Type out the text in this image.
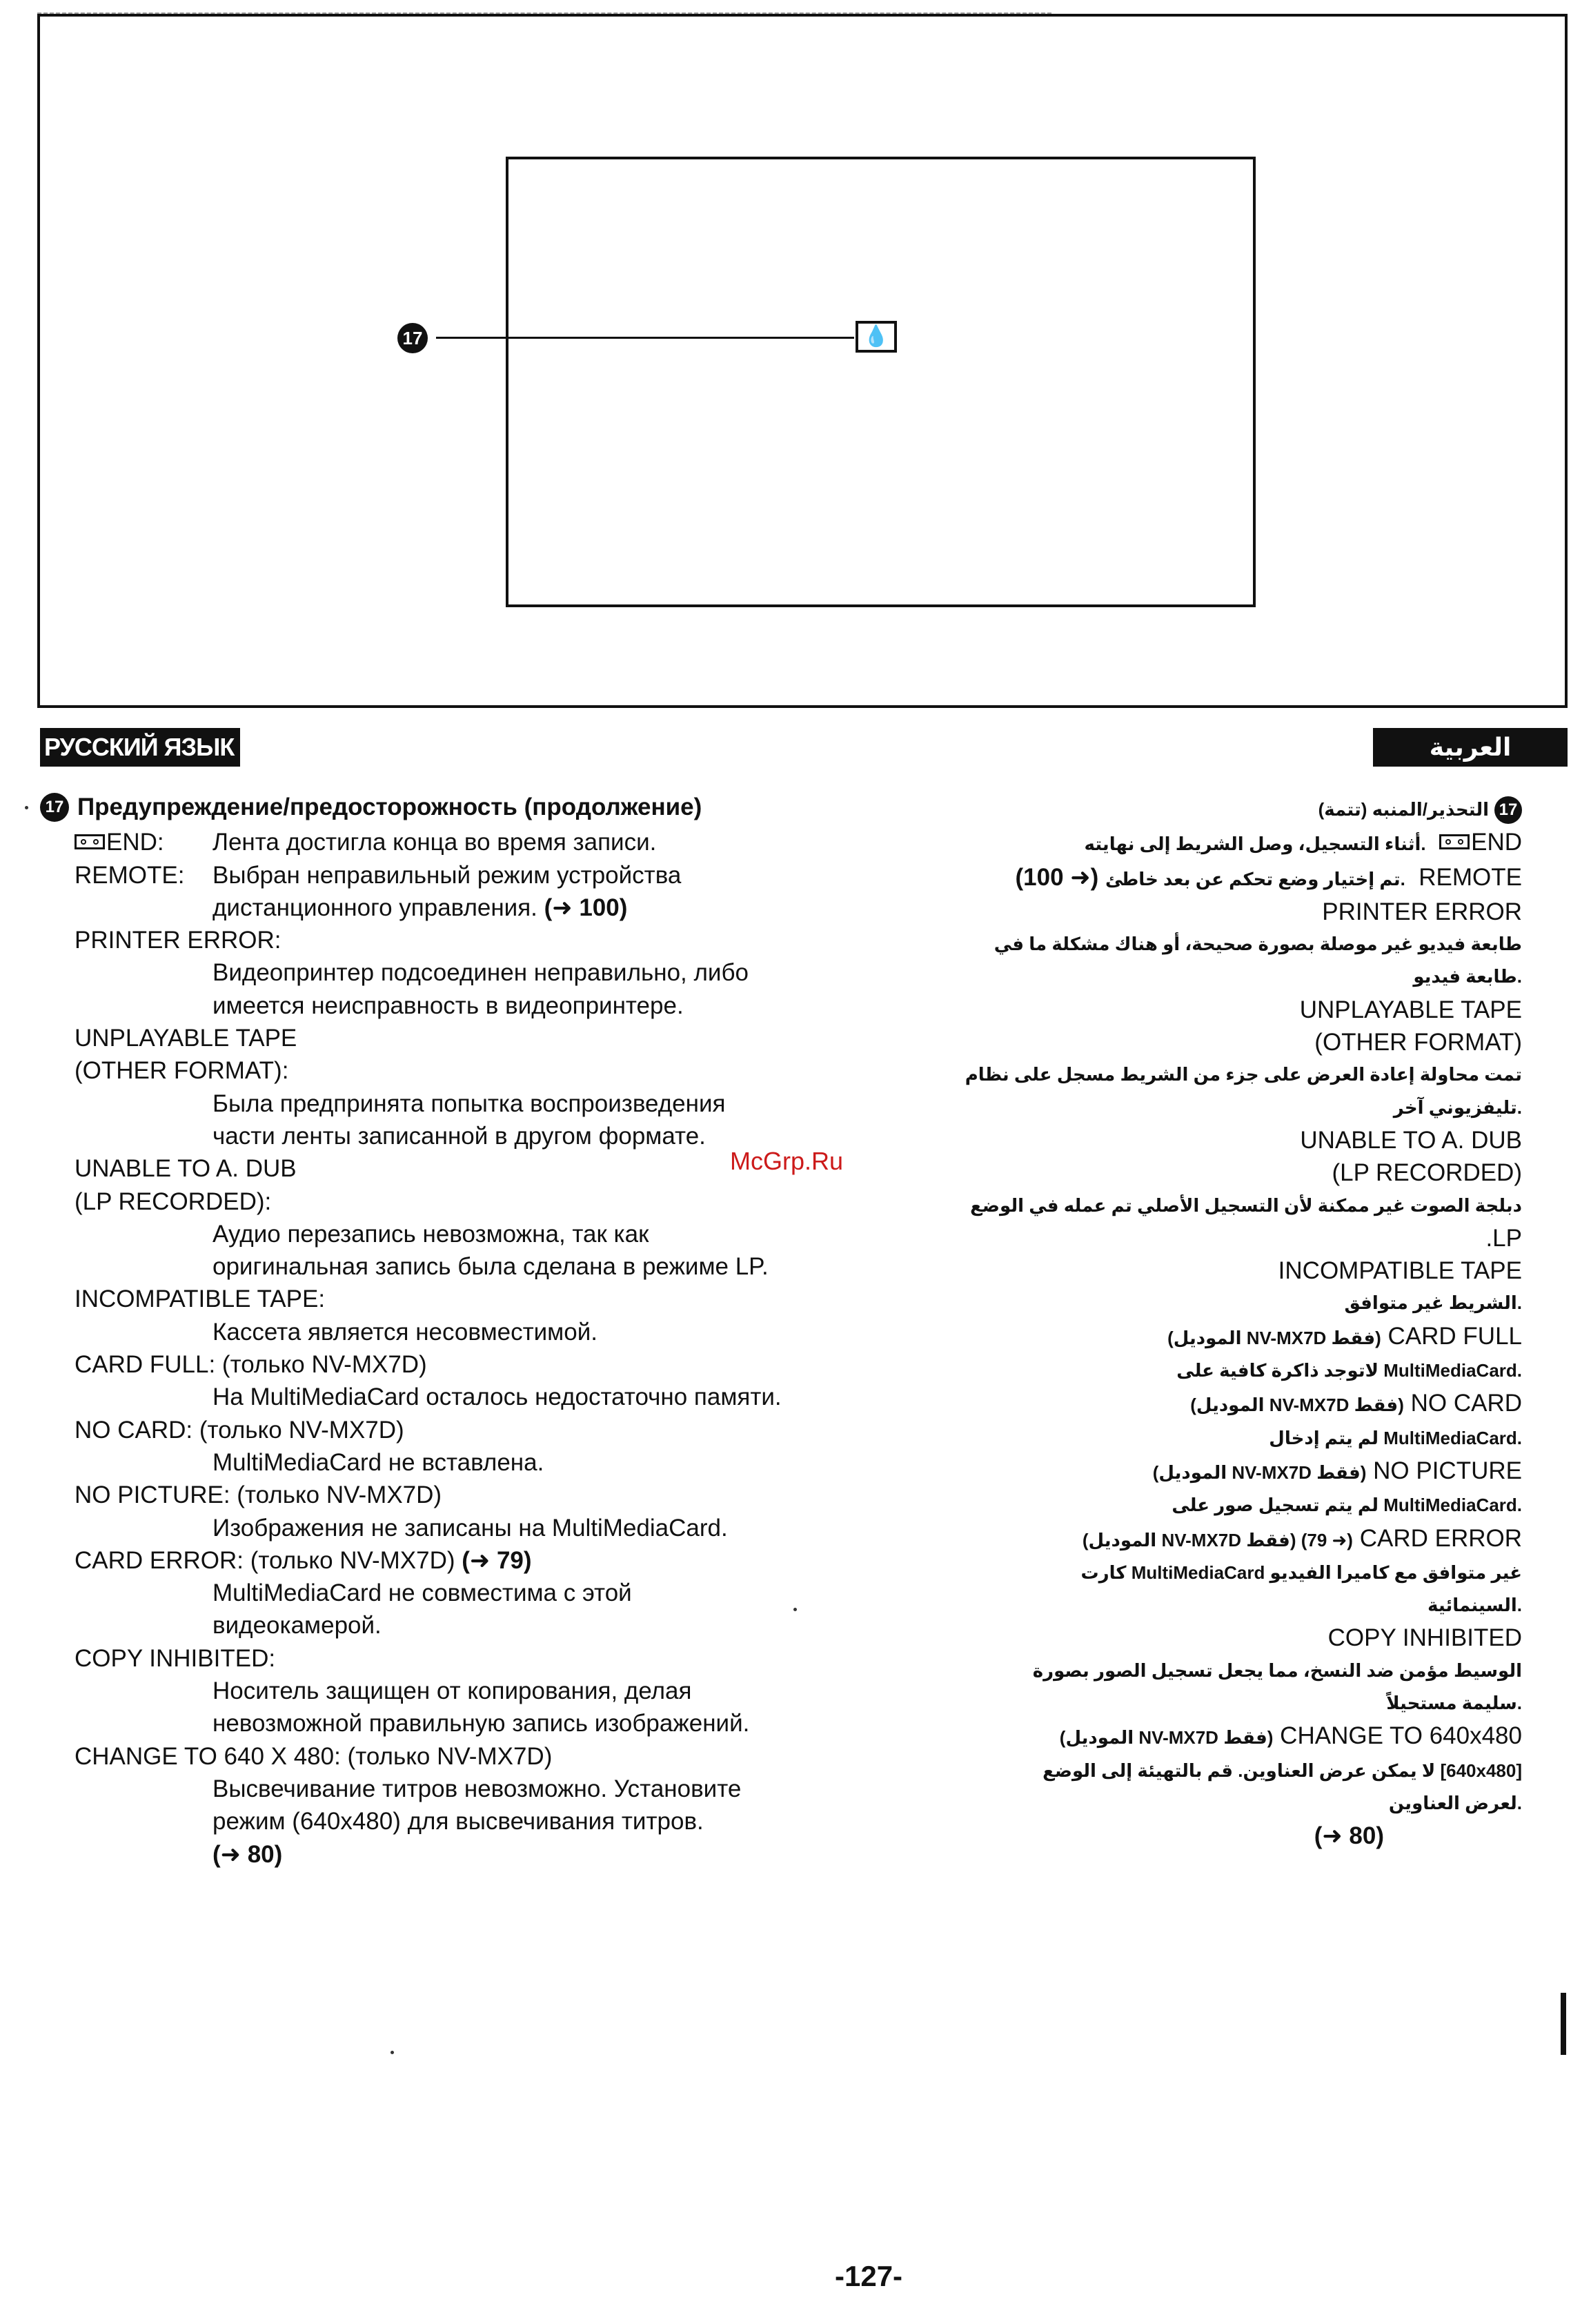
17	💧
РУССКИЙ ЯЗЫК	العربية
17 Предупреждение/предосторожность (продолжение)
END:	Лента достигла конца во время записи.
REMOTE:	Выбран неправильный режим устройства
дистанционного управления.
(➜ 100)
PRINTER ERROR:
Видеопринтер подсоединен неправильно, либо
имеется неисправность в видеопринтере.
UNPLAYABLE TAPE
(OTHER FORMAT):
Была предпринята попытка воспроизведения
части ленты записанной в другом формате.
UNABLE TO A. DUB
(LP RECORDED):
Аудио перезапись невозможна, так как
оригинальная запись была сделана в режиме LP.
INCOMPATIBLE TAPE:
Кассета является несовместимой.
CARD FULL: (только NV-MX7D)
На MultiMediaCard осталось недостаточно памяти.
NO CARD: (только NV-MX7D)
MultiMediaCard не вставлена.
NO PICTURE: (только NV-MX7D)
Изображения не записаны на MultiMediaCard.
CARD ERROR: (только NV-MX7D)
(➜ 79)
MultiMediaCard не совместима с этой
видеокамерой.
COPY INHIBITED:
Носитель защищен от копирования, делая
невозможной правильную запись изображений.
CHANGE TO 640 X 480: (только NV-MX7D)
Высвечивание титров невозможно. Установите
режим (640x480) для высвечивания титров.
(➜ 80)
التحذير/المنبه (تتمة) 17
أثناء التسجيل، وصل الشريط إلى نهايته. END
(100 ➜) تم إختيار وضع تحكم عن بعد خاطئ. REMOTE
PRINTER ERROR
طابعة فيديو غير موصلة بصورة صحيحة، أو هناك مشكلة ما في
طابعة فيديو.
UNPLAYABLE TAPE
(OTHER FORMAT)
تمت محاولة إعادة العرض على جزء من الشريط مسجل على نظام
تليفزيوني آخر.
UNABLE TO A. DUB
(LP RECORDED)
دبلجة الصوت غير ممكنة لأن التسجيل الأصلي تم عمله في الوضع
.LP
INCOMPATIBLE TAPE
الشريط غير متوافق.
(الموديل NV-MX7D فقط) CARD FULL
لاتوجد ذاكرة كافية على MultiMediaCard.
(الموديل NV-MX7D فقط) NO CARD
لم يتم إدخال MultiMediaCard.
(الموديل NV-MX7D فقط) NO PICTURE
لم يتم تسجيل صور على MultiMediaCard.
(الموديل NV-MX7D فقط) (79 ➜) CARD ERROR
كارت MultiMediaCard غير متوافق مع كاميرا الفيديو
السينمائية.
COPY INHIBITED
الوسيط مؤمن ضد النسخ، مما يجعل تسجيل الصور بصورة
سليمة مستحيلاً.
(الموديل NV-MX7D فقط) CHANGE TO 640x480
لا يمكن عرض العناوين. قم بالتهيئة إلى الوضع [640x480]
لعرض العناوين.
(➜ 80)
McGrp.Ru
-127-
